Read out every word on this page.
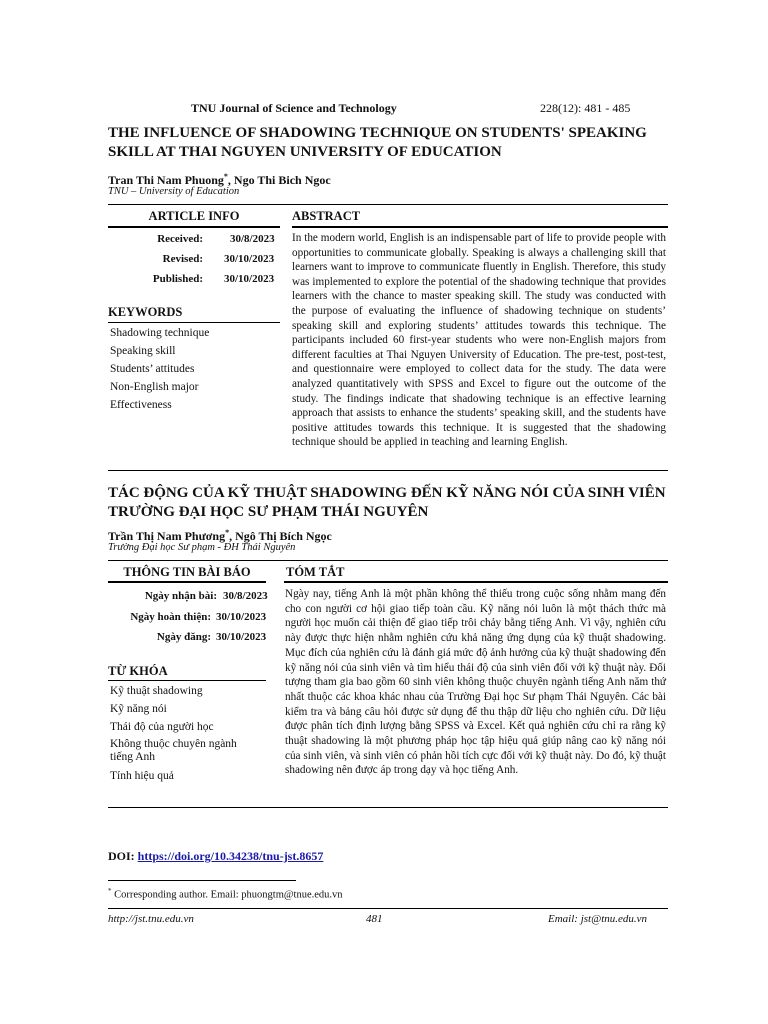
TNU Journal of Science and Technology	228(12): 481 - 485
THE INFLUENCE OF SHADOWING TECHNIQUE ON STUDENTS' SPEAKING SKILL AT THAI NGUYEN UNIVERSITY OF EDUCATION
Tran Thi Nam Phuong*, Ngo Thi Bich Ngoc
TNU – University of Education
ARTICLE INFO	ABSTRACT
Received: 30/8/2023
Revised: 30/10/2023
Published: 30/10/2023
KEYWORDS
Shadowing technique
Speaking skill
Students’ attitudes
Non-English major
Effectiveness
In the modern world, English is an indispensable part of life to provide people with opportunities to communicate globally. Speaking is always a challenging skill that learners want to improve to communicate fluently in English. Therefore, this study was implemented to explore the potential of the shadowing technique that provides learners with the chance to master speaking skill. The study was conducted with the purpose of evaluating the influence of shadowing technique on students’ speaking skill and exploring students’ attitudes towards this technique. The participants included 60 first-year students who were non-English majors from different faculties at Thai Nguyen University of Education. The pre-test, post-test, and questionnaire were employed to collect data for the study. The data were analyzed quantitatively with SPSS and Excel to figure out the outcome of the study. The findings indicate that shadowing technique is an effective learning approach that assists to enhance the students’ speaking skill, and the students have positive attitudes towards this technique. It is suggested that the shadowing technique should be applied in teaching and learning English.
TÁC ĐỘNG CỦA KỸ THUẬT SHADOWING ĐẾN KỸ NĂNG NÓI CỦA SINH VIÊN TRƯỜNG ĐẠI HỌC SƯ PHẠM THÁI NGUYÊN
Trần Thị Nam Phương*, Ngô Thị Bích Ngọc
Trường Đại học Sư phạm - ĐH Thái Nguyên
THÔNG TIN BÀI BÁO	TÓM TẮT
Ngày nhận bài: 30/8/2023
Ngày hoàn thiện: 30/10/2023
Ngày đăng: 30/10/2023
TỪ KHÓA
Kỹ thuật shadowing
Kỹ năng nói
Thái độ của người học
Không thuộc chuyên ngành tiếng Anh
Tính hiệu quả
Ngày nay, tiếng Anh là một phần không thể thiếu trong cuộc sống nhằm mang đến cho con người cơ hội giao tiếp toàn cầu. Kỹ năng nói luôn là một thách thức mà người học muốn cải thiện để giao tiếp trôi chảy bằng tiếng Anh. Vì vậy, nghiên cứu này được thực hiện nhằm nghiên cứu khả năng ứng dụng của kỹ thuật shadowing. Mục đích của nghiên cứu là đánh giá mức độ ảnh hưởng của kỹ thuật shadowing đến kỹ năng nói của sinh viên và tìm hiểu thái độ của sinh viên đối với kỹ thuật này. Đối tượng tham gia bao gồm 60 sinh viên không thuộc chuyên ngành tiếng Anh năm thứ nhất thuộc các khoa khác nhau của Trường Đại học Sư phạm Thái Nguyên. Các bài kiểm tra và bảng câu hỏi được sử dụng để thu thập dữ liệu cho nghiên cứu. Dữ liệu được phân tích định lượng bằng SPSS và Excel. Kết quả nghiên cứu chỉ ra rằng kỹ thuật shadowing là một phương pháp học tập hiệu quả giúp nâng cao kỹ năng nói của sinh viên, và sinh viên có phản hồi tích cực đối với kỹ thuật này. Do đó, kỹ thuật shadowing nên được áp trong dạy và học tiếng Anh.
DOI: https://doi.org/10.34238/tnu-jst.8657
* Corresponding author. Email: phuongtm@tnue.edu.vn
http://jst.tnu.edu.vn	481	Email: jst@tnu.edu.vn
